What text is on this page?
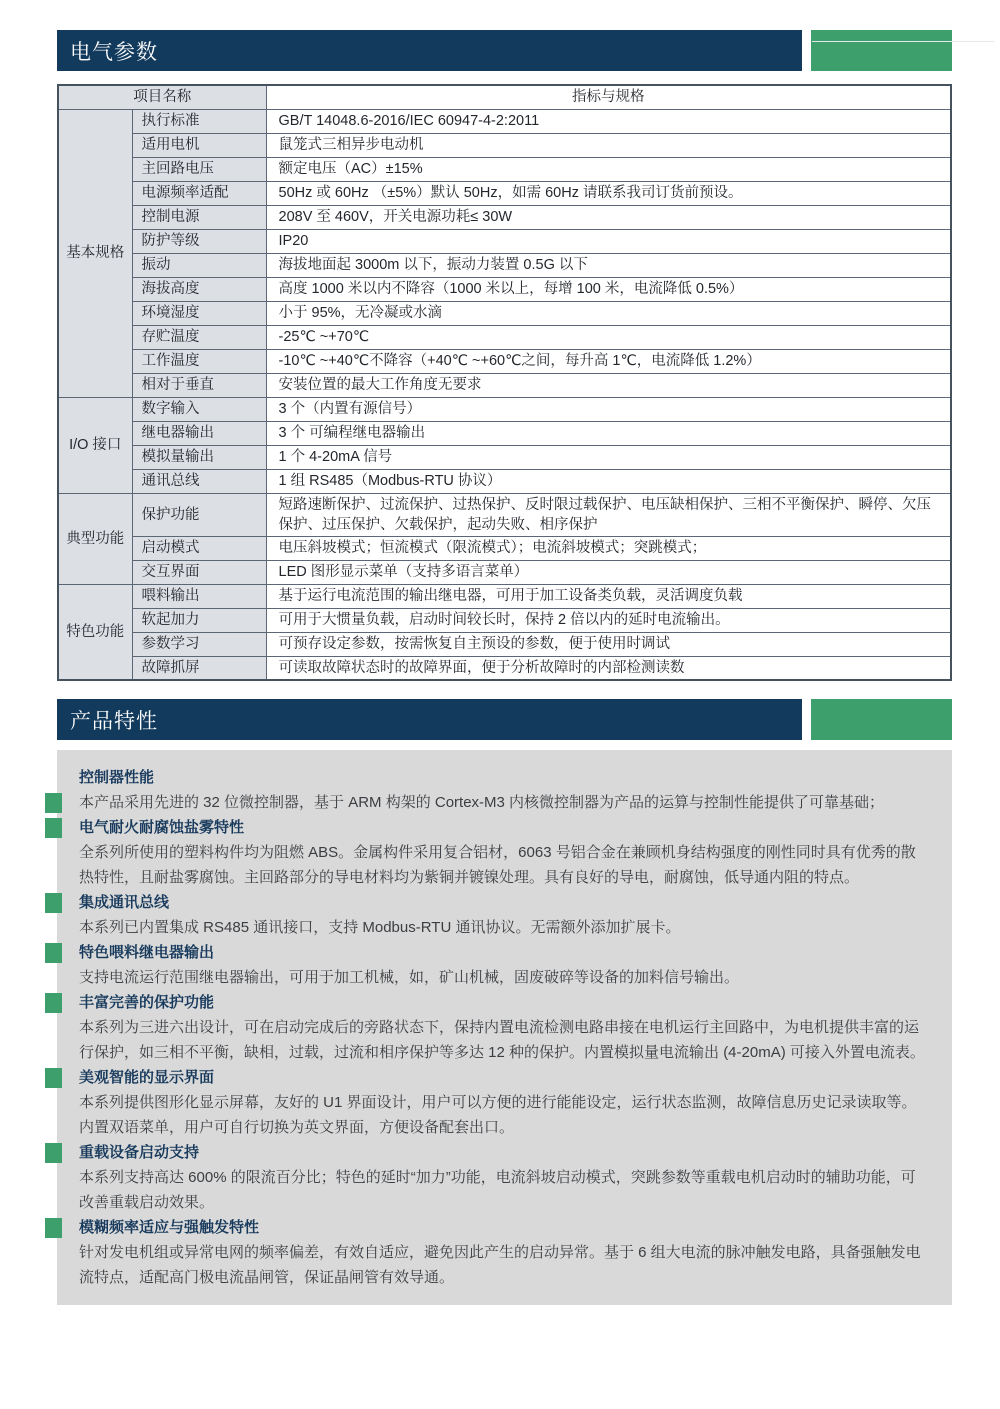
电气参数
项目名称		指标与规格
基本规格	执行标准	GB/T 14048.6-2016/IEC 60947-4-2:2011
	适用电机	鼠笼式三相异步电动机
	主回路电压	额定电压（AC）±15%
	电源频率适配	50Hz 或 60Hz （±5%）默认 50Hz，如需 60Hz 请联系我司订货前预设。
	控制电源	208V 至 460V，开关电源功耗≤ 30W
	防护等级	IP20
	振动	海拔地面起 3000m 以下，振动力装置 0.5G 以下
	海拔高度	高度 1000 米以内不降容（1000 米以上，每增 100 米，电流降低 0.5%）
	环境湿度	小于 95%，无冷凝或水滴
	存贮温度	-25℃ ~+70℃
	工作温度	-10℃ ~+40℃不降容（+40℃ ~+60℃之间，每升高 1℃，电流降低 1.2%）
	相对于垂直	安装位置的最大工作角度无要求
I/O 接口	数字输入	3 个（内置有源信号）
	继电器输出	3 个 可编程继电器输出
	模拟量输出	1 个 4-20mA 信号
	通讯总线	1 组 RS485（Modbus-RTU 协议）
典型功能	保护功能	短路速断保护、过流保护、过热保护、反时限过载保护、电压缺相保护、三相不平衡保护、瞬停、欠压保护、过压保护、欠载保护，起动失败、相序保护
	启动模式	电压斜坡模式；恒流模式（限流模式）；电流斜坡模式；突跳模式；
	交互界面	LED 图形显示菜单（支持多语言菜单）
特色功能	喂料输出	基于运行电流范围的输出继电器，可用于加工设备类负载，灵活调度负载
	软起加力	可用于大惯量负载，启动时间较长时，保持 2 倍以内的延时电流输出。
	参数学习	可预存设定参数，按需恢复自主预设的参数，便于使用时调试
	故障抓屏	可读取故障状态时的故障界面，便于分析故障时的内部检测读数
产品特性
控制器性能
本产品采用先进的 32 位微控制器，基于 ARM 构架的 Cortex-M3 内核微控制器为产品的运算与控制性能提供了可靠基础；
电气耐火耐腐蚀盐雾特性
全系列所使用的塑料构件均为阻燃 ABS。金属构件采用复合铝材，6063 号铝合金在兼顾机身结构强度的刚性同时具有优秀的散热特性，且耐盐雾腐蚀。主回路部分的导电材料均为紫铜并镀镍处理。具有良好的导电，耐腐蚀，低导通内阻的特点。
集成通讯总线
本系列已内置集成 RS485 通讯接口，支持 Modbus-RTU 通讯协议。无需额外添加扩展卡。
特色喂料继电器输出
支持电流运行范围继电器输出，可用于加工机械，如，矿山机械，固废破碎等设备的加料信号输出。
丰富完善的保护功能
本系列为三进六出设计，可在启动完成后的旁路状态下，保持内置电流检测电路串接在电机运行主回路中，为电机提供丰富的运行保护，如三相不平衡，缺相，过载，过流和相序保护等多达 12 种的保护。内置模拟量电流输出 (4-20mA) 可接入外置电流表。
美观智能的显示界面
本系列提供图形化显示屏幕，友好的 U1 界面设计，用户可以方便的进行能能设定，运行状态监测，故障信息历史记录读取等。内置双语菜单，用户可自行切换为英文界面，方便设备配套出口。
重载设备启动支持
本系列支持高达 600% 的限流百分比；特色的延时“加力”功能，电流斜坡启动模式，突跳参数等重载电机启动时的辅助功能，可改善重载启动效果。
模糊频率适应与强触发特性
针对发电机组或异常电网的频率偏差，有效自适应，避免因此产生的启动异常。基于 6 组大电流的脉冲触发电路，具备强触发电流特点，适配高门极电流晶闸管，保证晶闸管有效导通。
